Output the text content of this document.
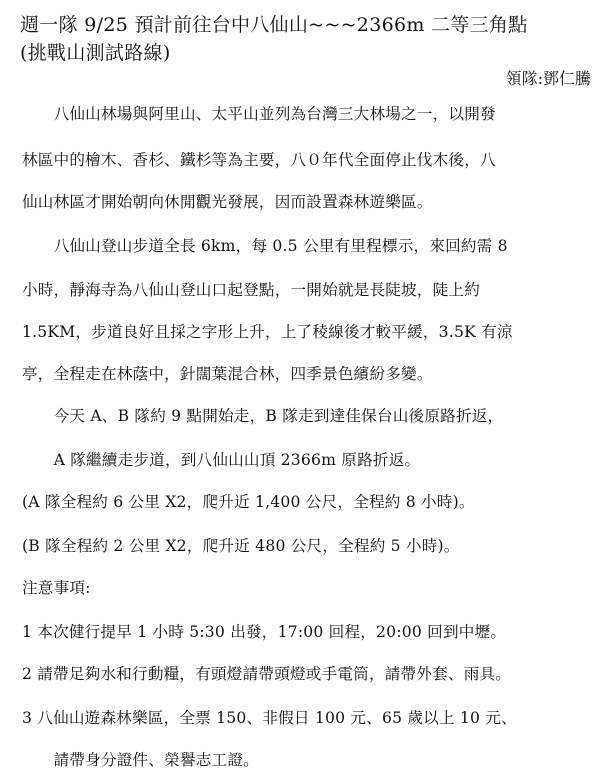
週一隊 9/25 預計前往台中八仙山~~~2366m 二等三角點
(挑戰山測試路線)
領隊:鄧仁騰
　　八仙山林場與阿里山、太平山並列為台灣三大林場之一，以開發
林區中的檜木、香杉、鐵杉等為主要，八０年代全面停止伐木後，八
仙山林區才開始朝向休閒觀光發展，因而設置森林遊樂區。
　　八仙山登山步道全長 6km，每 0.5 公里有里程標示，來回約需 8
小時，靜海寺為八仙山登山口起登點，一開始就是長陡坡，陡上約
1.5KM，步道良好且採之字形上升，上了稜線後才較平緩，3.5K 有涼
亭，全程走在林蔭中，針闊葉混合林，四季景色繽紛多變。
　　今天 A、B 隊約 9 點開始走，B 隊走到達佳保台山後原路折返，
　　A 隊繼續走步道，到八仙山山頂 2366m 原路折返。
(A 隊全程約 6 公里 X2，爬升近 1,400 公尺，全程約 8 小時)。
(B 隊全程約 2 公里 X2，爬升近 480 公尺，全程約 5 小時)。
注意事項:
1 本次健行提早 1 小時 5:30 出發，17:00 回程，20:00 回到中壢。
2 請帶足夠水和行動糧，有頭燈請帶頭燈或手電筒，請帶外套、雨具。
3 八仙山遊森林樂區，全票 150、非假日 100 元、65 歲以上 10 元、
　　請帶身分證件、榮譽志工證。
